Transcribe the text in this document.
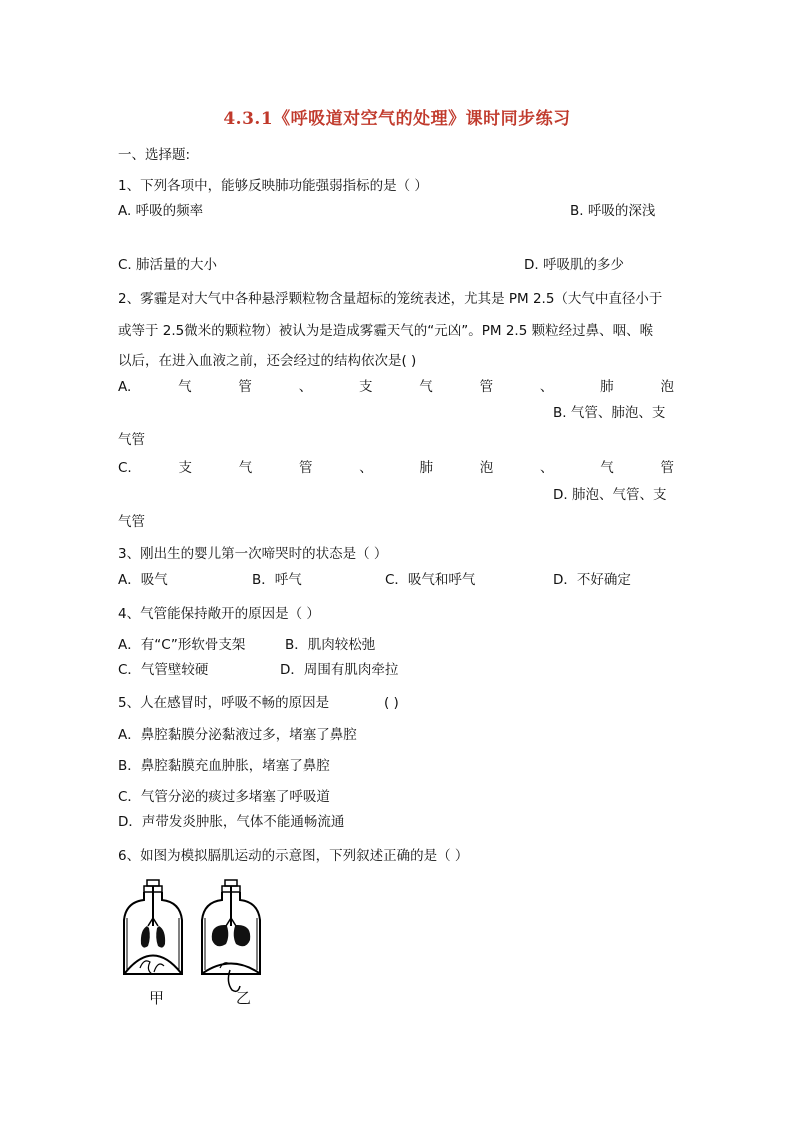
4.3.1《呼吸道对空气的处理》课时同步练习
一、选择题:
1、下列各项中，能够反映肺功能强弱指标的是（ ）
A. 呼吸的频率	B. 呼吸的深浅
C. 肺活量的大小	D. 呼吸肌的多少
2、雾霾是对大气中各种悬浮颗粒物含量超标的笼统表述，尤其是 PM 2.5（大气中直径小于
或等于 2.5微米的颗粒物）被认为是造成雾霾天气的“元凶”。PM 2.5 颗粒经过鼻、咽、喉
以后，在进入血液之前，还会经过的结构依次是( )
A.	气	管	、	支	气	管	、	肺	泡
B. 气管、肺泡、支
气管
C.	支	气	管	、	肺	泡	、	气	管
D. 肺泡、气管、支
气管
3、刚出生的婴儿第一次啼哭时的状态是（ ）
A．吸气	B．呼气	C．吸气和呼气	D．不好确定
4、气管能保持敞开的原因是（ ）
A．有“C”形软骨支架	B．肌肉较松弛
C．气管壁较硬	D．周围有肌肉牵拉
5、人在感冒时，呼吸不畅的原因是	( )
A．鼻腔黏膜分泌黏液过多，堵塞了鼻腔
B．鼻腔黏膜充血肿胀，堵塞了鼻腔
C．气管分泌的痰过多堵塞了呼吸道
D．声带发炎肿胀，气体不能通畅流通
6、如图为模拟膈肌运动的示意图，下列叙述正确的是（ ）
甲	乙
